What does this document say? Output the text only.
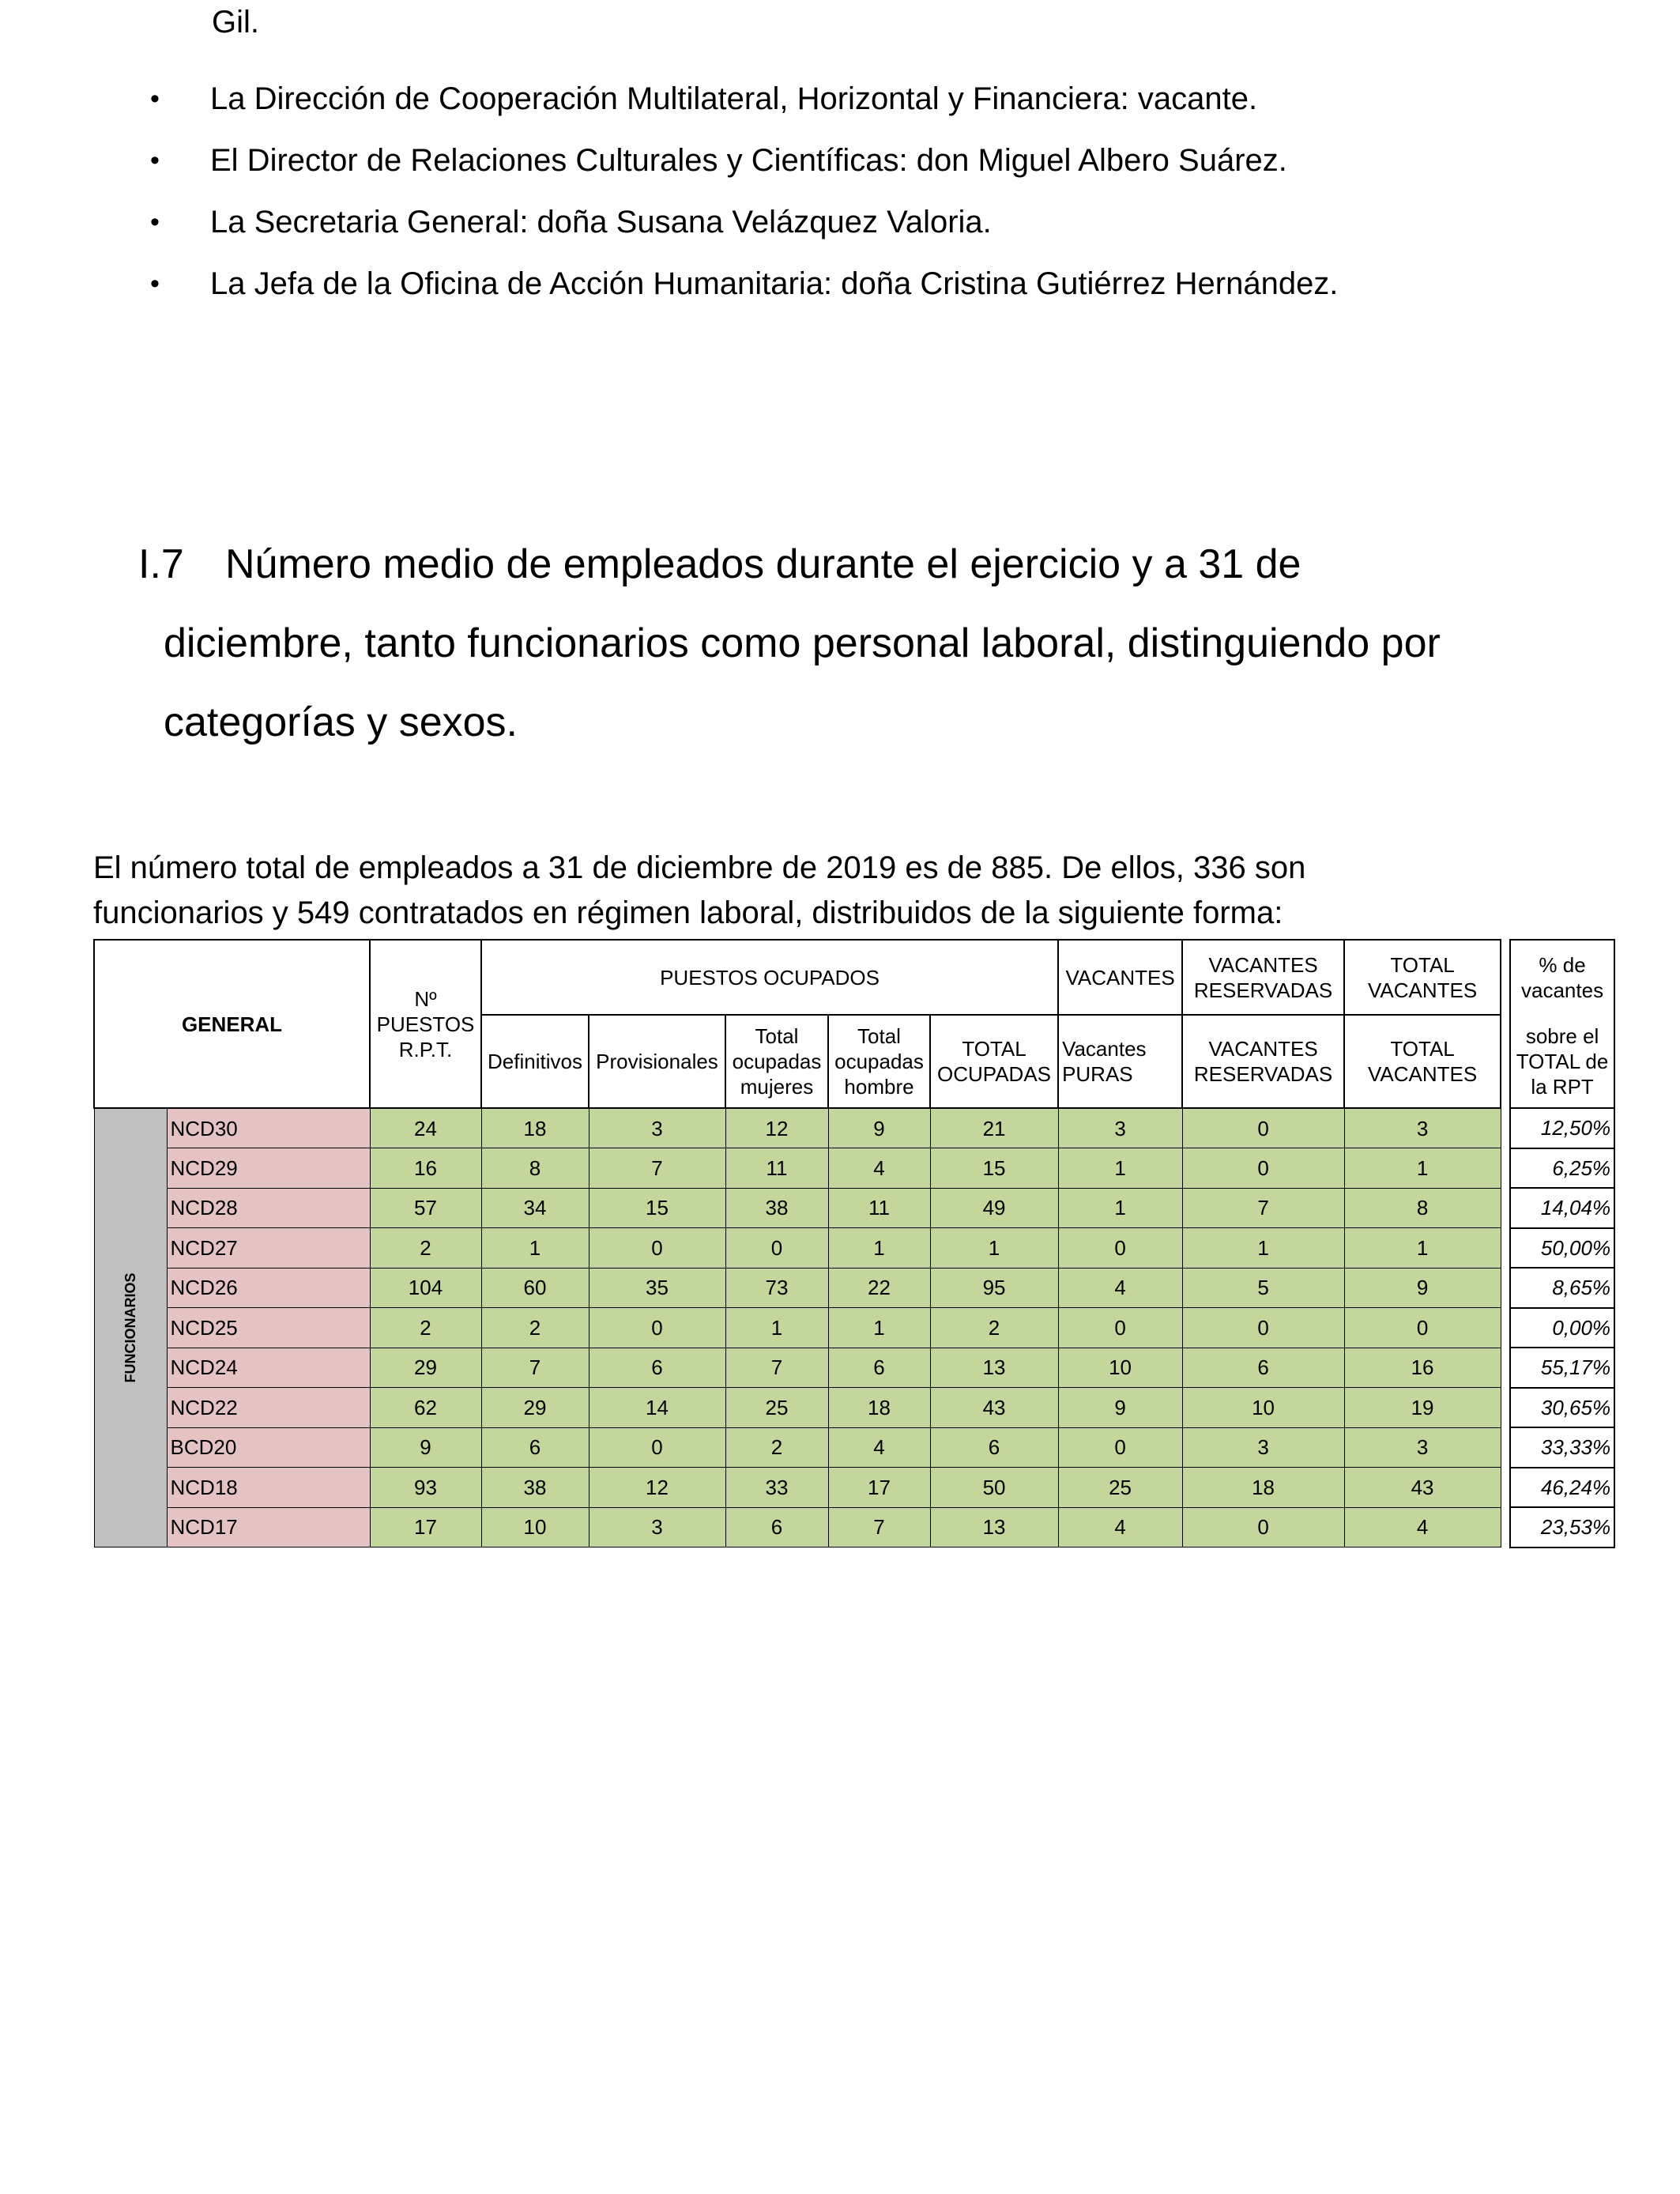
Gil.
• La Dirección de Cooperación Multilateral, Horizontal y Financiera: vacante.
• El Director de Relaciones Culturales y Científicas: don Miguel Albero Suárez.
• La Secretaria General: doña Susana Velázquez Valoria.
• La Jefa de la Oficina de Acción Humanitaria: doña Cristina Gutiérrez Hernández.
I.7 Número medio de empleados durante el ejercicio y a 31 de
diciembre, tanto funcionarios como personal laboral, distinguiendo por
categorías y sexos.
El número total de empleados a 31 de diciembre de 2019 es de 885. De ellos, 336 son
funcionarios y 549 contratados en régimen laboral, distribuidos de la siguiente forma:
GENERAL		Nº PUESTOS R.P.T.	PUESTOS OCUPADOS					VACANTES	VACANTES RESERVADAS	TOTAL VACANTES		% de vacantes
			Definitivos	Provisionales	Total ocupadas mujeres	Total ocupadas hombre	TOTAL OCUPADAS	Vacantes PURAS	VACANTES RESERVADAS	TOTAL VACANTES		sobre el TOTAL de la RPT

FUNCIONARIOS	NCD30	24	18	3	12	9	21	3	0	3		12,50%
	NCD29	16	8	7	11	4	15	1	0	1		6,25%
	NCD28	57	34	15	38	11	49	1	7	8		14,04%
	NCD27	2	1	0	0	1	1	0	1	1		50,00%
	NCD26	104	60	35	73	22	95	4	5	9		8,65%
	NCD25	2	2	0	1	1	2	0	0	0		0,00%
	NCD24	29	7	6	7	6	13	10	6	16		55,17%
	NCD22	62	29	14	25	18	43	9	10	19		30,65%
	BCD20	9	6	0	2	4	6	0	3	3		33,33%
	NCD18	93	38	12	33	17	50	25	18	43		46,24%
	NCD17	17	10	3	6	7	13	4	0	4		23,53%
